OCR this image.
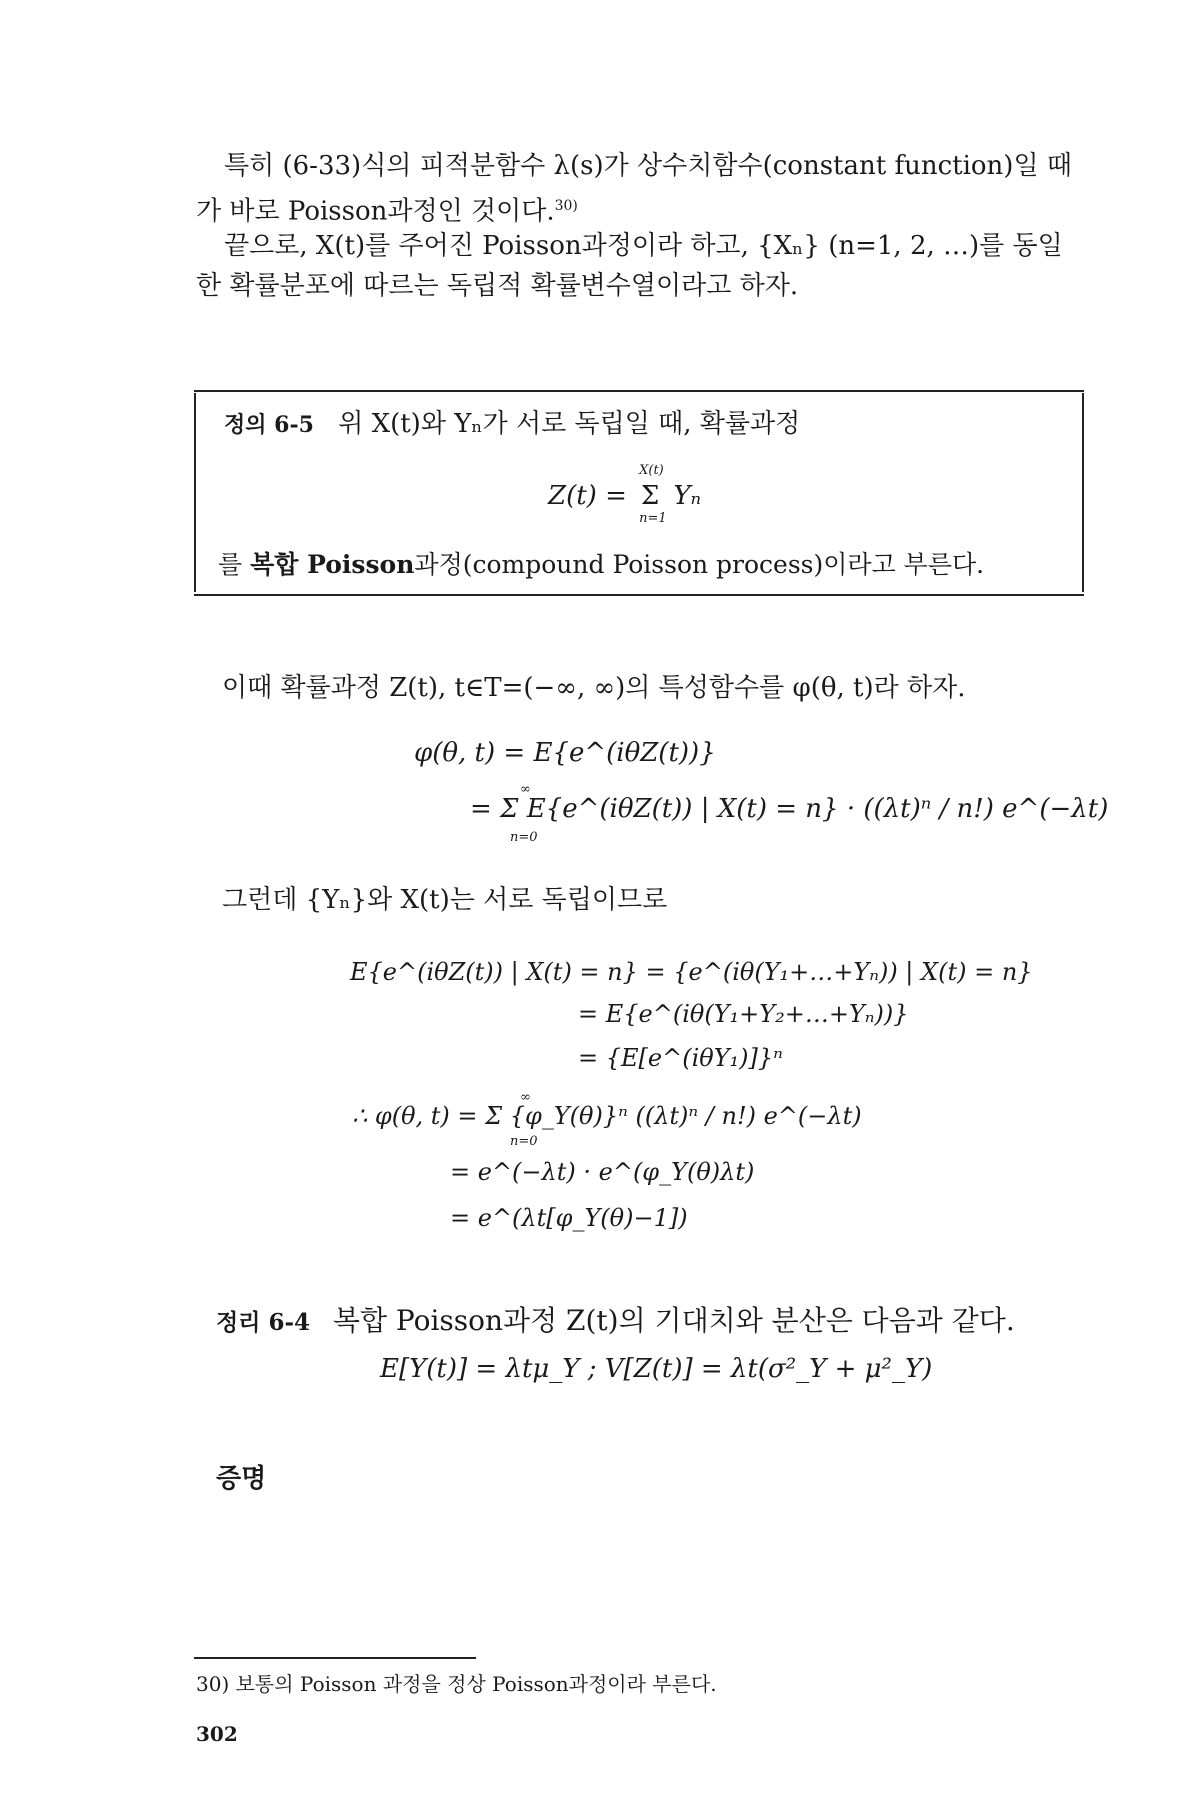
특히 (6-33)식의 피적분함수 λ(s)가 상수치함수(constant function)일 때가 바로 Poisson과정인 것이다.$^{30)}$

끝으로, X(t)를 주어진 Poisson과정이라 하고, {Xₙ} (n=1, 2, …)를 동일한 확률분포에 따르는 독립적 확률변수열이라고 하자.

정의 6-5 위 X(t)와 Yₙ가 서로 독립일 때, 확률과정
Z(t) =
X(t)
Σ
n=1
Yₙ
를 복합 Poisson과정(compound Poisson process)이라고 부른다.

이때 확률과정 Z(t), t∈T=(−∞, ∞)의 특성함수를 φ(θ, t)라 하자.

φ(θ, t) = E{e^(iθZ(t))}
= Σ E{e^(iθZ(t)) | X(t) = n} · ((λt)ⁿ / n!) e^(−λt)
∞
n=0

그런데 {Yₙ}와 X(t)는 서로 독립이므로

E{e^(iθZ(t)) | X(t) = n} = {e^(iθ(Y₁+…+Yₙ)) | X(t) = n}
= E{e^(iθ(Y₁+Y₂+…+Yₙ))}
= {E[e^(iθY₁)]}ⁿ
∴ φ(θ, t) = Σ {φ_Y(θ)}ⁿ ((λt)ⁿ / n!) e^(−λt)
∞
n=0
= e^(−λt) · e^(φ_Y(θ)λt)
= e^(λt[φ_Y(θ)−1])
정리 6-4 복합 Poisson과정 Z(t)의 기대치와 분산은 다음과 같다.
E[Y(t)] = λtμ_Y ; V[Z(t)] = λt(σ²_Y + μ²_Y)
증명
30) 보통의 Poisson 과정을 정상 Poisson과정이라 부른다.
302
